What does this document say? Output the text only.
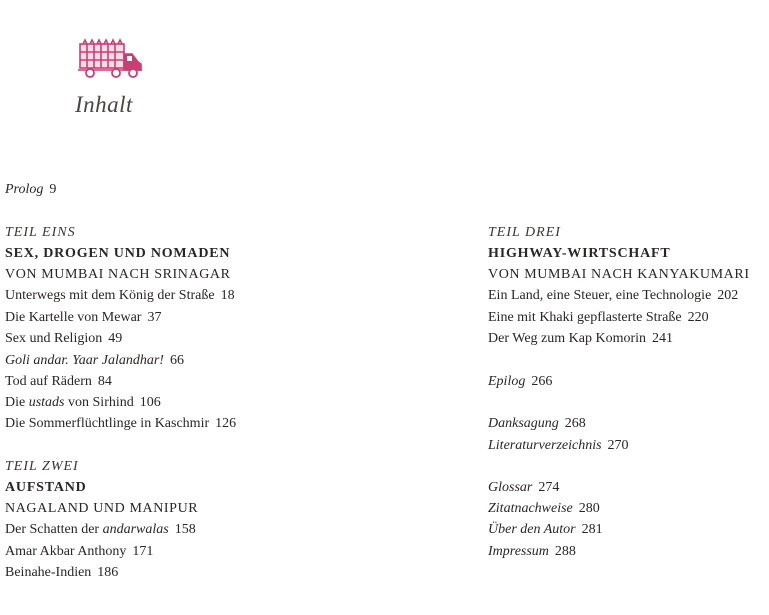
Inhalt
Prolog 9
TEIL EINS
SEX, DROGEN UND NOMADEN
VON MUMBAI NACH SRINAGAR
Unterwegs mit dem König der Straße 18
Die Kartelle von Mewar 37
Sex und Religion 49
Goli andar. Yaar Jalandhar! 66
Tod auf Rädern 84
Die ustads von Sirhind 106
Die Sommerflüchtlinge in Kaschmir 126
TEIL ZWEI
AUFSTAND
NAGALAND UND MANIPUR
Der Schatten der andarwalas 158
Amar Akbar Anthony 171
Beinahe-Indien 186
TEIL DREI
HIGHWAY-WIRTSCHAFT
VON MUMBAI NACH KANYAKUMARI
Ein Land, eine Steuer, eine Technologie 202
Eine mit Khaki gepflasterte Straße 220
Der Weg zum Kap Komorin 241
Epilog 266
Danksagung 268
Literaturverzeichnis 270
Glossar 274
Zitatnachweise 280
Über den Autor 281
Impressum 288
